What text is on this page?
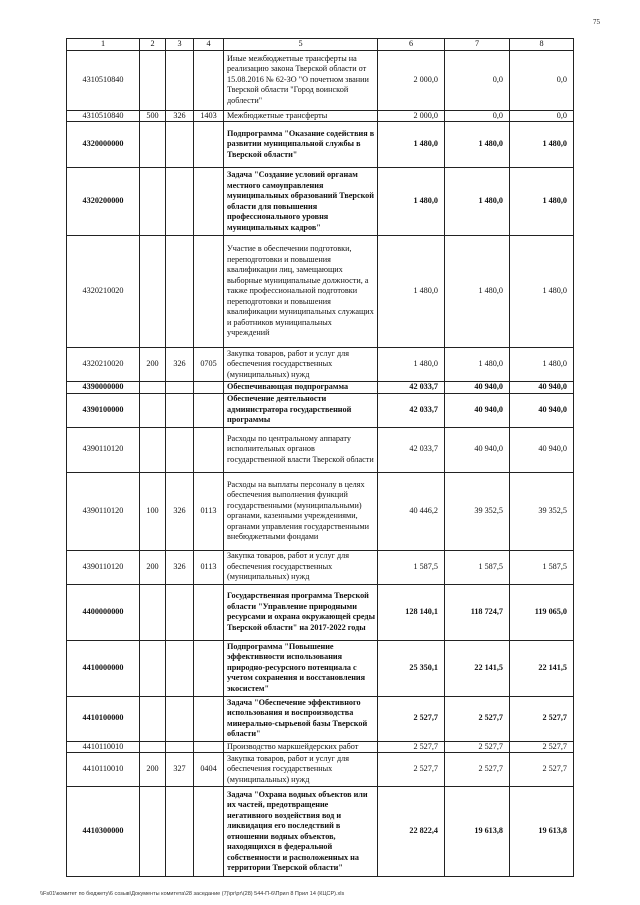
75
1	2	3	4	5	6	7	8
4310510840				Иные межбюджетные трансферты на реализацию закона Тверской области от 15.08.2016 № 62-ЗО "О почетном звании Тверской области "Город воинской доблести"	2 000,0	0,0	0,0
4310510840	500	326	1403	Межбюджетные трансферты	2 000,0	0,0	0,0
4320000000				Подпрограмма "Оказание содействия в развитии муниципальной службы в Тверской области"	1 480,0	1 480,0	1 480,0
4320200000				Задача "Создание условий органам местного самоуправления муниципальных образований Тверской области для повышения профессионального уровня муниципальных кадров"	1 480,0	1 480,0	1 480,0
4320210020				Участие в обеспечении подготовки, переподготовки и повышения квалификации лиц, замещающих выборные муниципальные должности, а также профессиональной подготовки переподготовки и повышения квалификации муниципальных служащих и работников муниципальных учреждений	1 480,0	1 480,0	1 480,0
4320210020	200	326	0705	Закупка товаров, работ и услуг для обеспечения государственных (муниципальных) нужд	1 480,0	1 480,0	1 480,0
4390000000				Обеспечивающая подпрограмма	42 033,7	40 940,0	40 940,0
4390100000				Обеспечение деятельности администратора государственной программы	42 033,7	40 940,0	40 940,0
4390110120				Расходы по центральному аппарату исполнительных органов государственной власти Тверской области	42 033,7	40 940,0	40 940,0
4390110120	100	326	0113	Расходы на выплаты персоналу в целях обеспечения выполнения функций государственными (муниципальными) органами, казенными учреждениями, органами управления государственными внебюджетными фондами	40 446,2	39 352,5	39 352,5
4390110120	200	326	0113	Закупка товаров, работ и услуг для обеспечения государственных (муниципальных) нужд	1 587,5	1 587,5	1 587,5
4400000000				Государственная программа Тверской области "Управление природными ресурсами и охрана окружающей среды Тверской области" на 2017-2022 годы	128 140,1	118 724,7	119 065,0
4410000000				Подпрограмма "Повышение эффективности использования природно-ресурсного потенциала с учетом сохранения и восстановления экосистем"	25 350,1	22 141,5	22 141,5
4410100000				Задача "Обеспечение эффективного использования и воспроизводства минерально-сырьевой базы Тверской области"	2 527,7	2 527,7	2 527,7
4410110010				Производство маркшейдерских работ	2 527,7	2 527,7	2 527,7
4410110010	200	327	0404	Закупка товаров, работ и услуг для обеспечения государственных (муниципальных) нужд	2 527,7	2 527,7	2 527,7
4410300000				Задача "Охрана водных объектов или их частей, предотвращение негативного воздействия вод и ликвидация его последствий в отношении водных объектов, находящихся в федеральной собственности и расположенных на территории Тверской области"	22 822,4	19 613,8	19 613,8
\\Fs01\комитет по бюджету\6 созыв\Документы комитета\28 заседание (7)\pr\pr\(28) 544-П-6\Прил 8 Прил 14 (КЦСР).xls
